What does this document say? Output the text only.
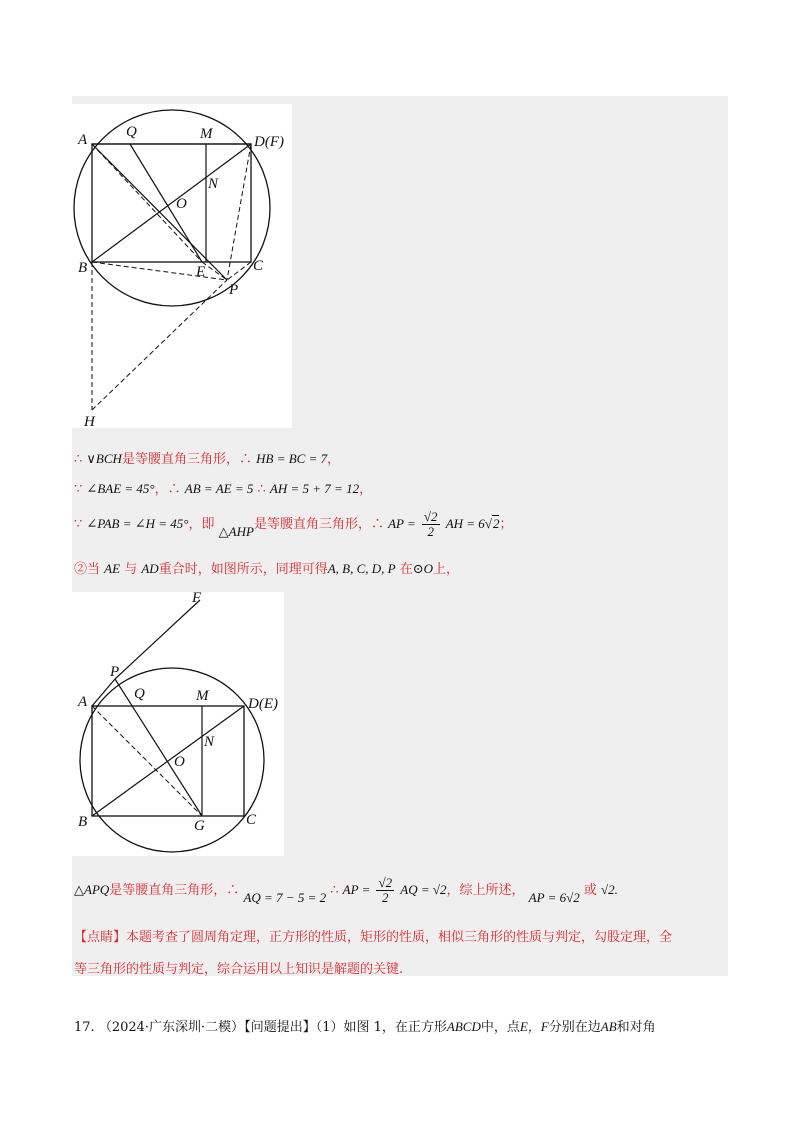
A	Q	M	D(F)
N
O
B	E	C
P
H
∴ ∨BCH是等腰直角三角形，∴ HB = BC = 7，
∵ ∠BAE = 45°，∴ AB = AE = 5 ∴ AH = 5 + 7 = 12，
∵ ∠PAB = ∠H = 45°，即 △AHP是等腰直角三角形，∴ AP = $\frac{√2}{2}$ AH = 6√2；
②当 AE 与 AD重合时，如图所示，同理可得A, B, C, D, P 在⊙O上，
F
P
A	Q	M	D(E)
N
O
B	G	C
△APQ是等腰直角三角形，∴ AQ = 7 − 5 = 2 ∴ AP = $\frac{√2}{2}$ AQ = √2，综上所述， AP = 6√2 或 √2.
【点睛】本题考查了圆周角定理，正方形的性质，矩形的性质，相似三角形的性质与判定，勾股定理，全
等三角形的性质与判定，综合运用以上知识是解题的关键.
17. （2024·广东深圳·二模）【问题提出】（1）如图 1，在正方形ABCD中，点E，F分别在边AB和对角
